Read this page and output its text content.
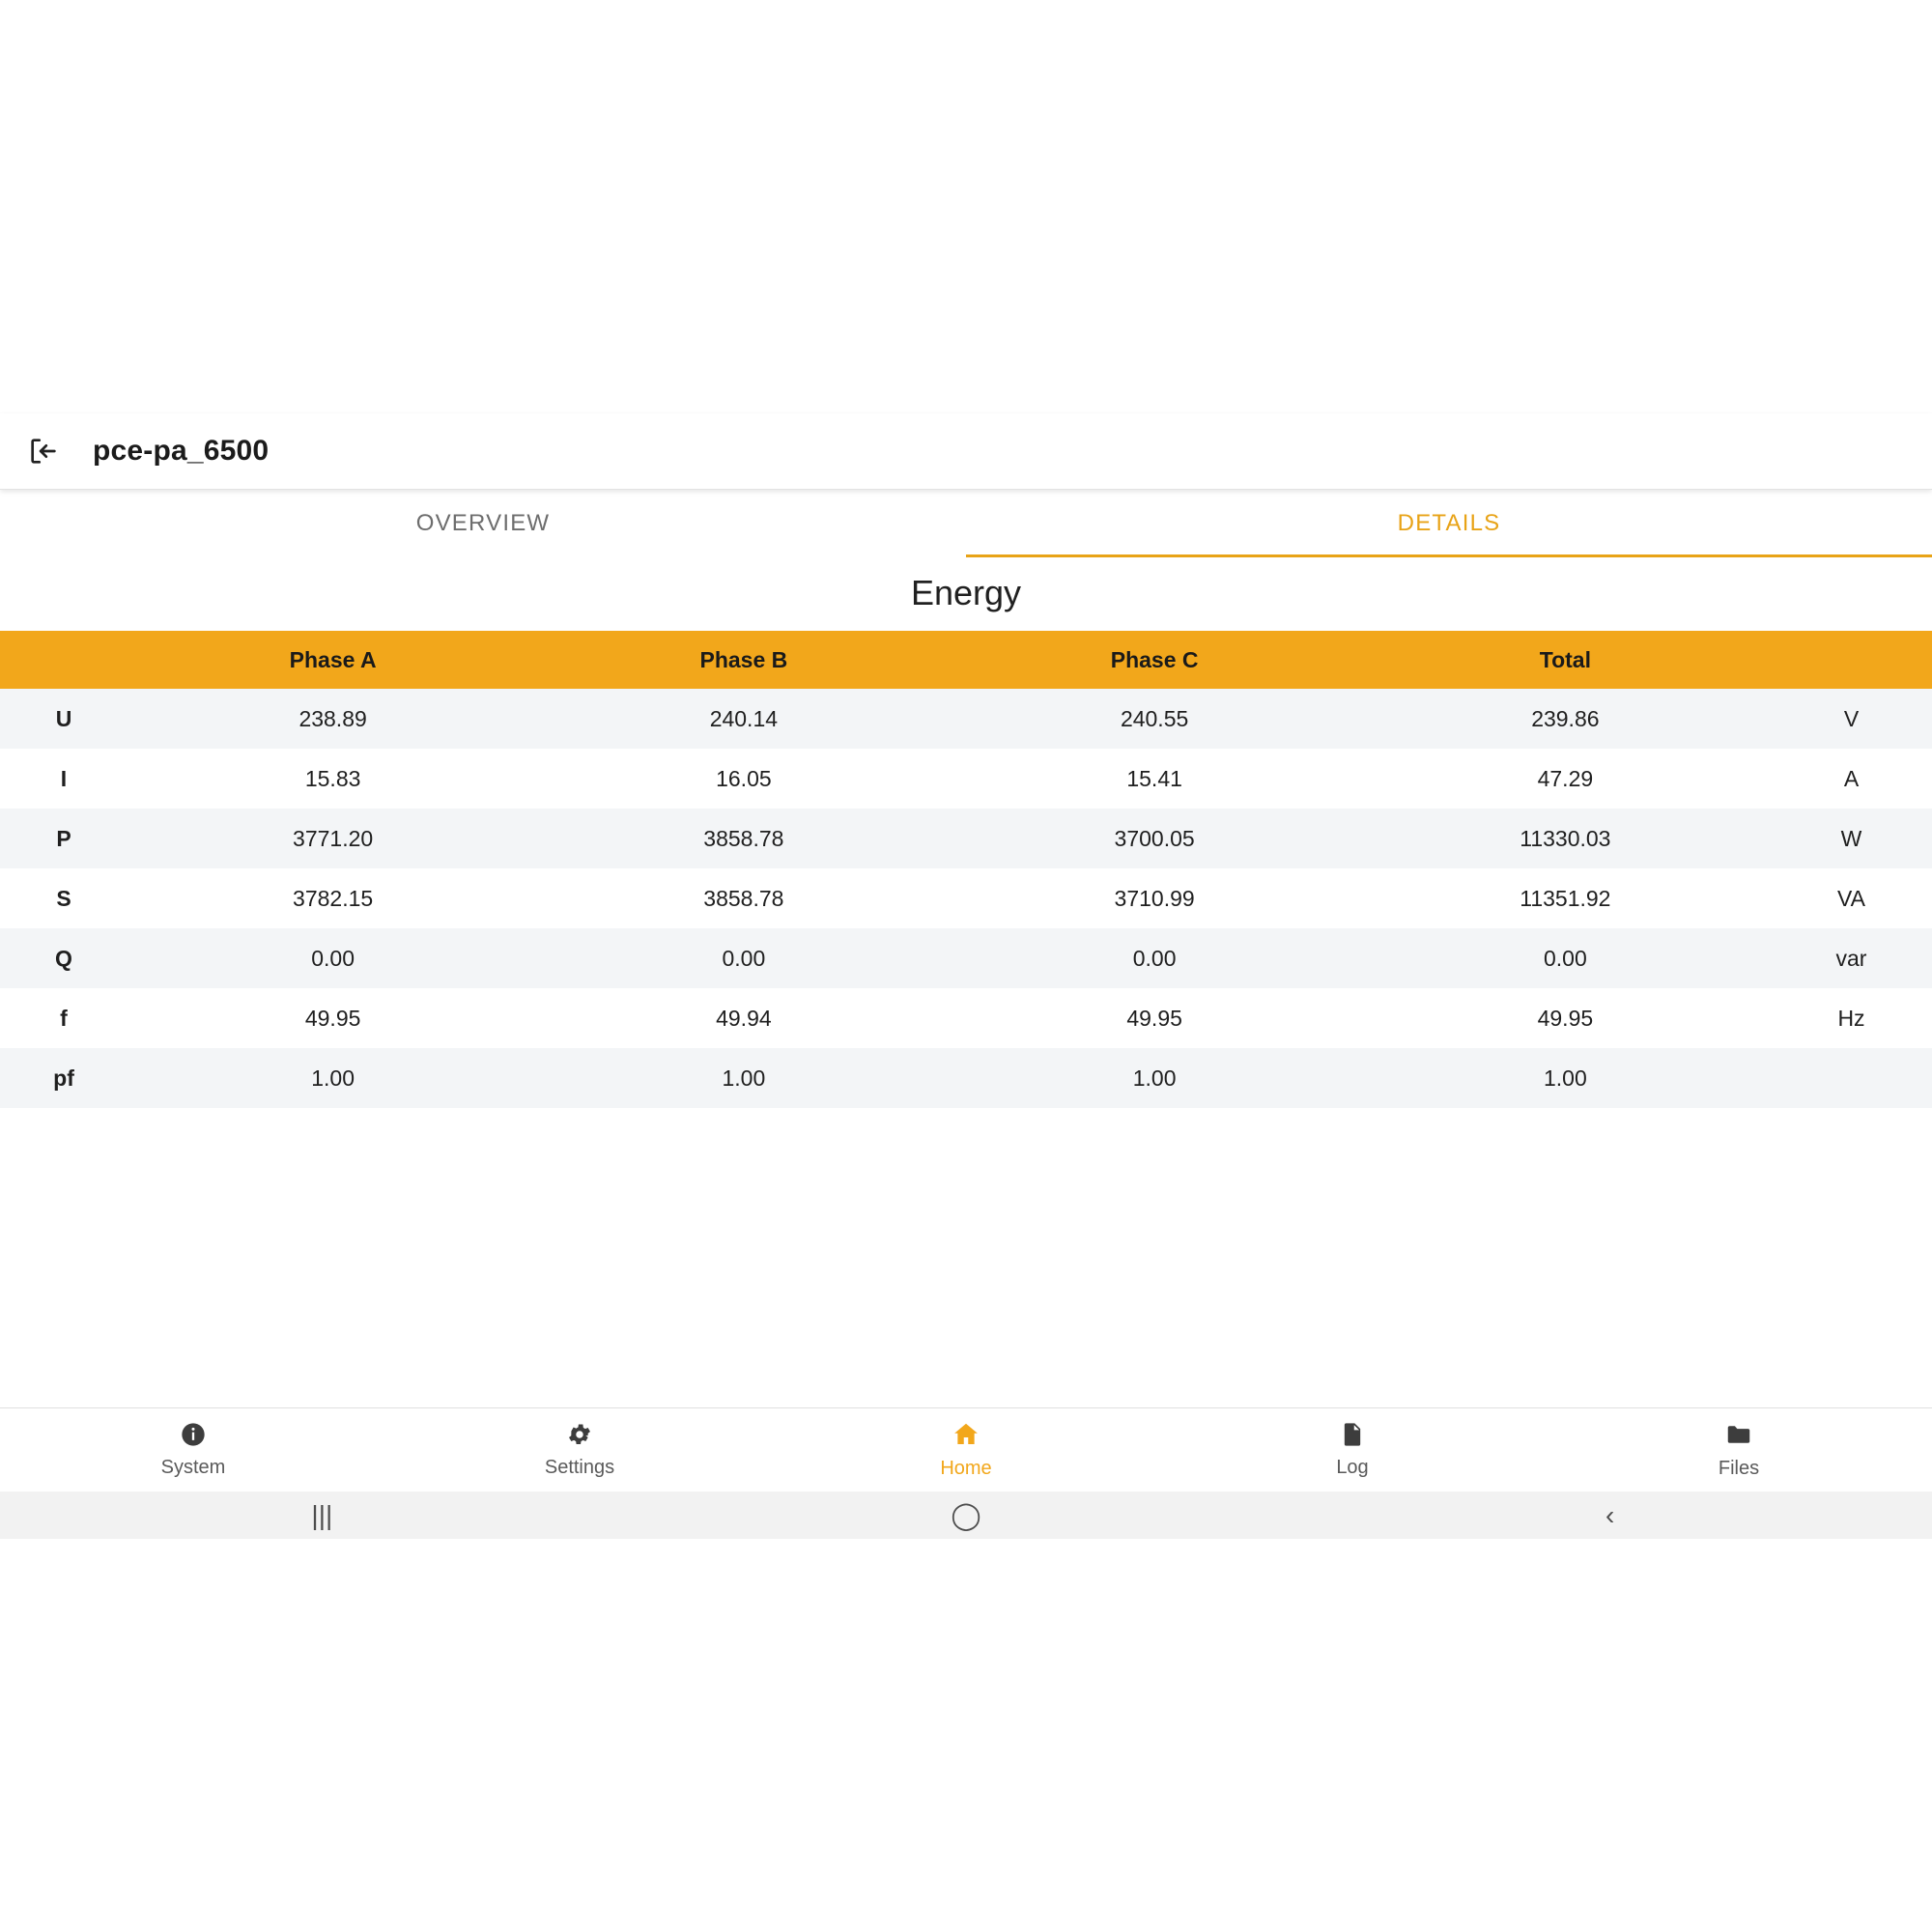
pce-pa_6500
OVERVIEW	DETAILS
Energy
	Phase A	Phase B	Phase C	Total	
U	238.89	240.14	240.55	239.86	V
I	15.83	16.05	15.41	47.29	A
P	3771.20	3858.78	3700.05	11330.03	W
S	3782.15	3858.78	3710.99	11351.92	VA
Q	0.00	0.00	0.00	0.00	var
f	49.95	49.94	49.95	49.95	Hz
pf	1.00	1.00	1.00	1.00	
System	Settings	Home	Log	Files
|||	◯	‹
